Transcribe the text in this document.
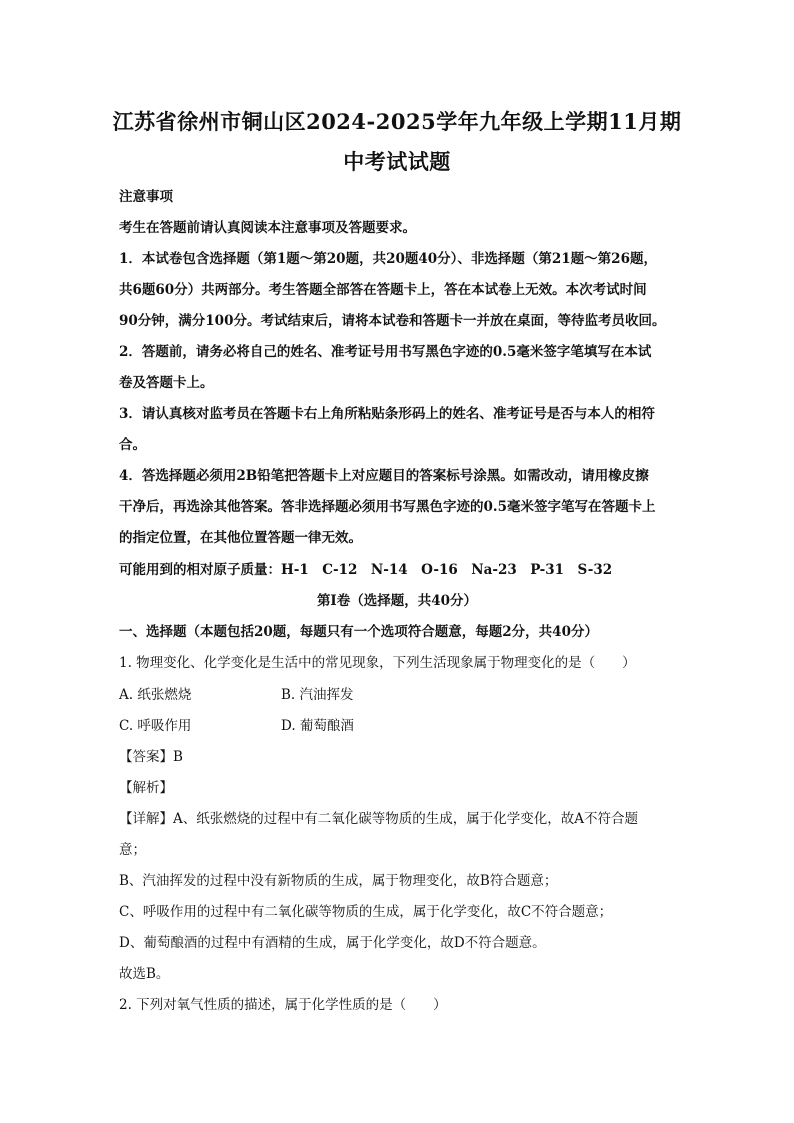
江苏省徐州市铜山区2024-2025学年九年级上学期11月期
中考试试题
注意事项
考生在答题前请认真阅读本注意事项及答题要求。
1．本试卷包含选择题（第1题～第20题，共20题40分）、非选择题（第21题～第26题，
共6题60分）共两部分。考生答题全部答在答题卡上，答在本试卷上无效。本次考试时间
90分钟，满分100分。考试结束后，请将本试卷和答题卡一并放在桌面，等待监考员收回。
2．答题前，请务必将自己的姓名、准考证号用书写黑色字迹的0.5毫米签字笔填写在本试
卷及答题卡上。
3．请认真核对监考员在答题卡右上角所粘贴条形码上的姓名、准考证号是否与本人的相符
合。
4．答选择题必须用2B铅笔把答题卡上对应题目的答案标号涂黑。如需改动，请用橡皮擦
干净后，再选涂其他答案。答非选择题必须用书写黑色字迹的0.5毫米签字笔写在答题卡上
的指定位置，在其他位置答题一律无效。
可能用到的相对原子质量：H-1　C-12　N-14　O-16　Na-23　P-31　S-32
第Ⅰ卷（选择题，共40分）
一、选择题（本题包括20题，每题只有一个选项符合题意，每题2分，共40分）
1. 物理变化、化学变化是生活中的常见现象，下列生活现象属于物理变化的是（　　）
A. 纸张燃烧	B. 汽油挥发
C. 呼吸作用	D. 葡萄酿酒
【答案】B
【解析】
【详解】A、纸张燃烧的过程中有二氧化碳等物质的生成，属于化学变化，故A不符合题
意；
B、汽油挥发的过程中没有新物质的生成，属于物理变化，故B符合题意；
C、呼吸作用的过程中有二氧化碳等物质的生成，属于化学变化，故C不符合题意；
D、葡萄酿酒的过程中有酒精的生成，属于化学变化，故D不符合题意。
故选B。
2. 下列对氧气性质的描述，属于化学性质的是（　　）
